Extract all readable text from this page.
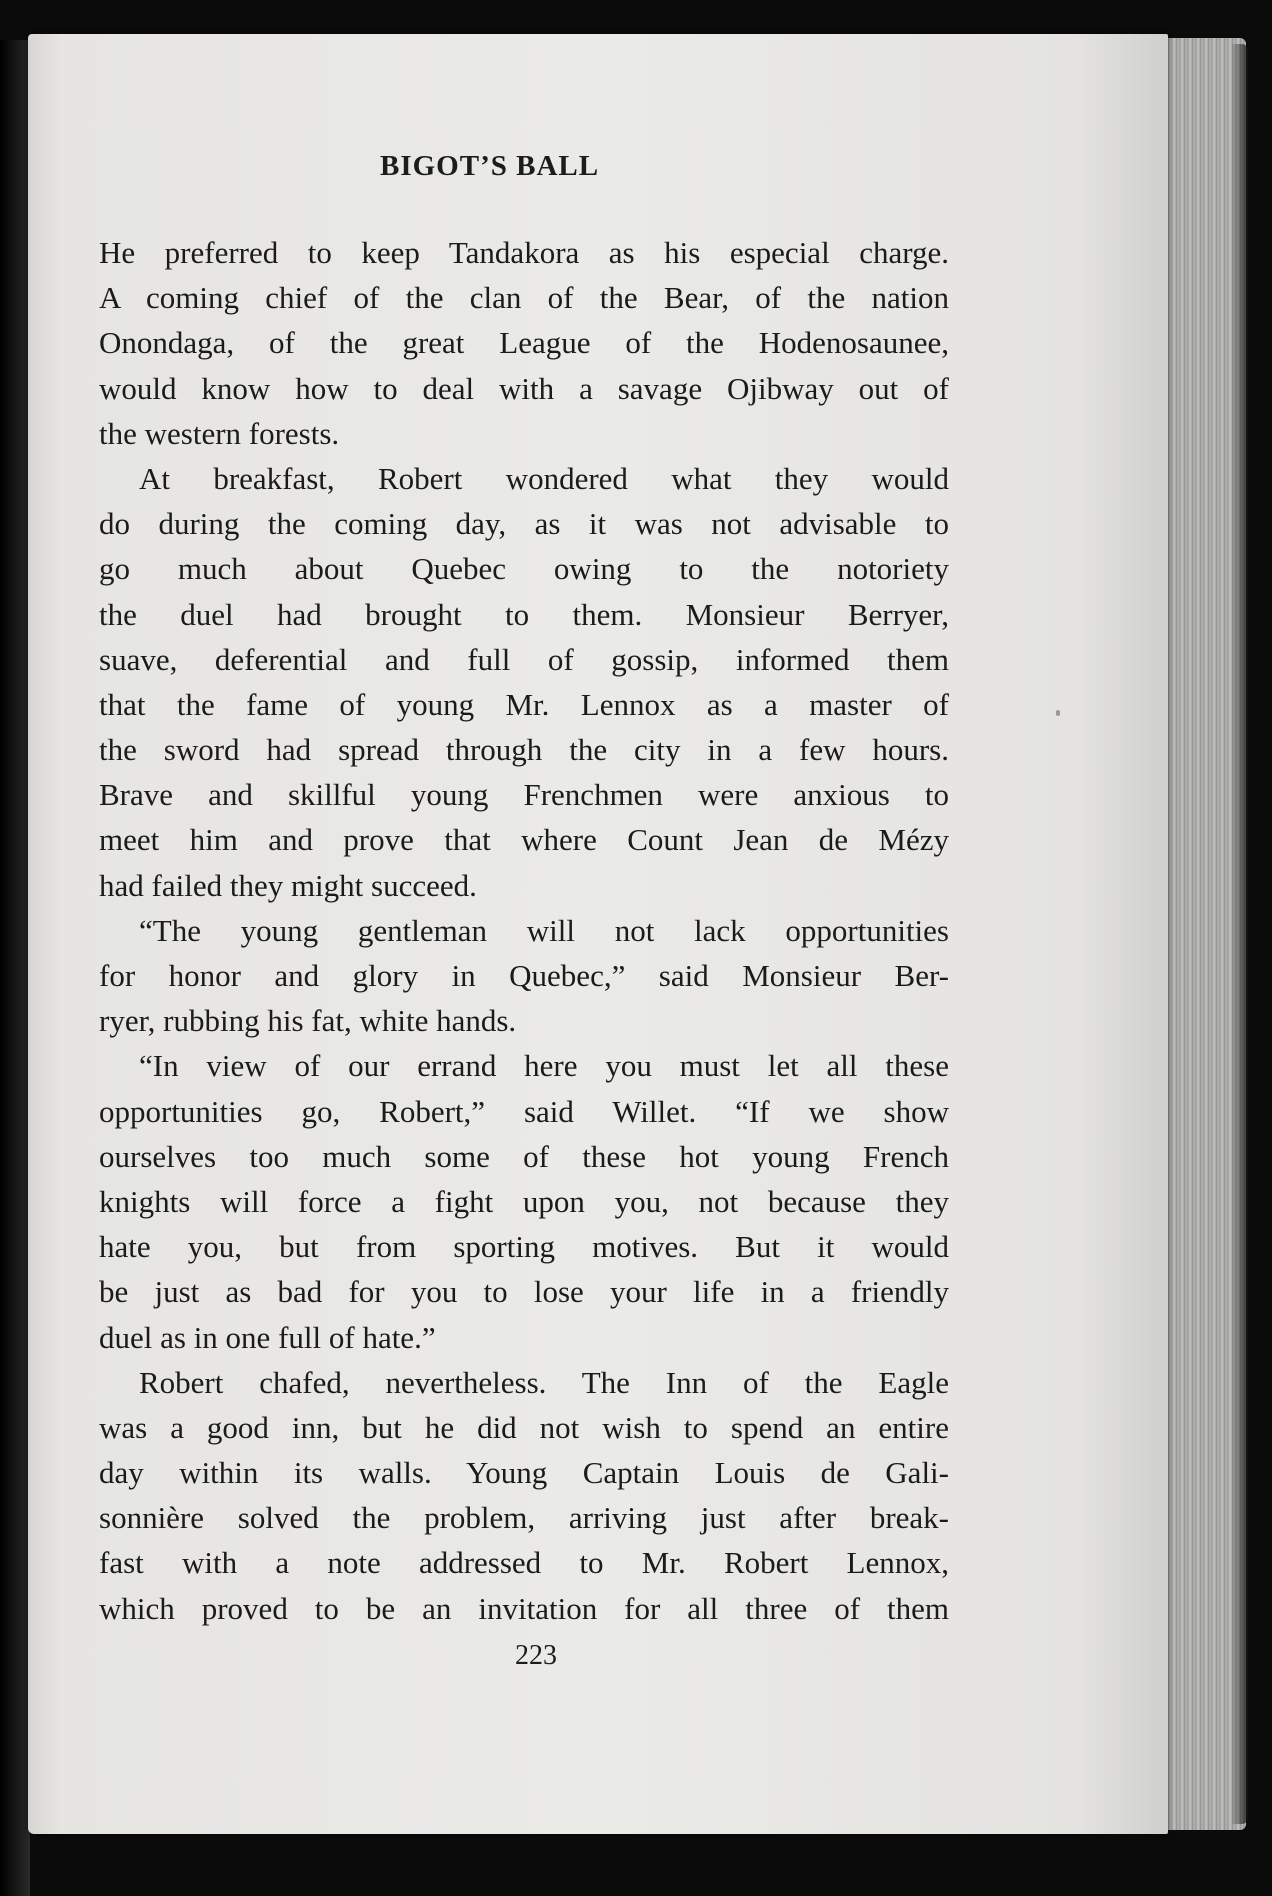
BIGOT’S BALL
He preferred to keep Tandakora as his especial charge.
A coming chief of the clan of the Bear, of the nation
Onondaga, of the great League of the Hodenosaunee,
would know how to deal with a savage Ojibway out of
the western forests.
At breakfast, Robert wondered what they would
do during the coming day, as it was not advisable to
go much about Quebec owing to the notoriety
the duel had brought to them. Monsieur Berryer,
suave, deferential and full of gossip, informed them
that the fame of young Mr. Lennox as a master of
the sword had spread through the city in a few hours.
Brave and skillful young Frenchmen were anxious to
meet him and prove that where Count Jean de Mézy
had failed they might succeed.
“The young gentleman will not lack opportunities
for honor and glory in Quebec,” said Monsieur Ber-
ryer, rubbing his fat, white hands.
“In view of our errand here you must let all these
opportunities go, Robert,” said Willet. “If we show
ourselves too much some of these hot young French
knights will force a fight upon you, not because they
hate you, but from sporting motives. But it would
be just as bad for you to lose your life in a friendly
duel as in one full of hate.”
Robert chafed, nevertheless. The Inn of the Eagle
was a good inn, but he did not wish to spend an entire
day within its walls. Young Captain Louis de Gali-
sonnière solved the problem, arriving just after break-
fast with a note addressed to Mr. Robert Lennox,
which proved to be an invitation for all three of them
223
